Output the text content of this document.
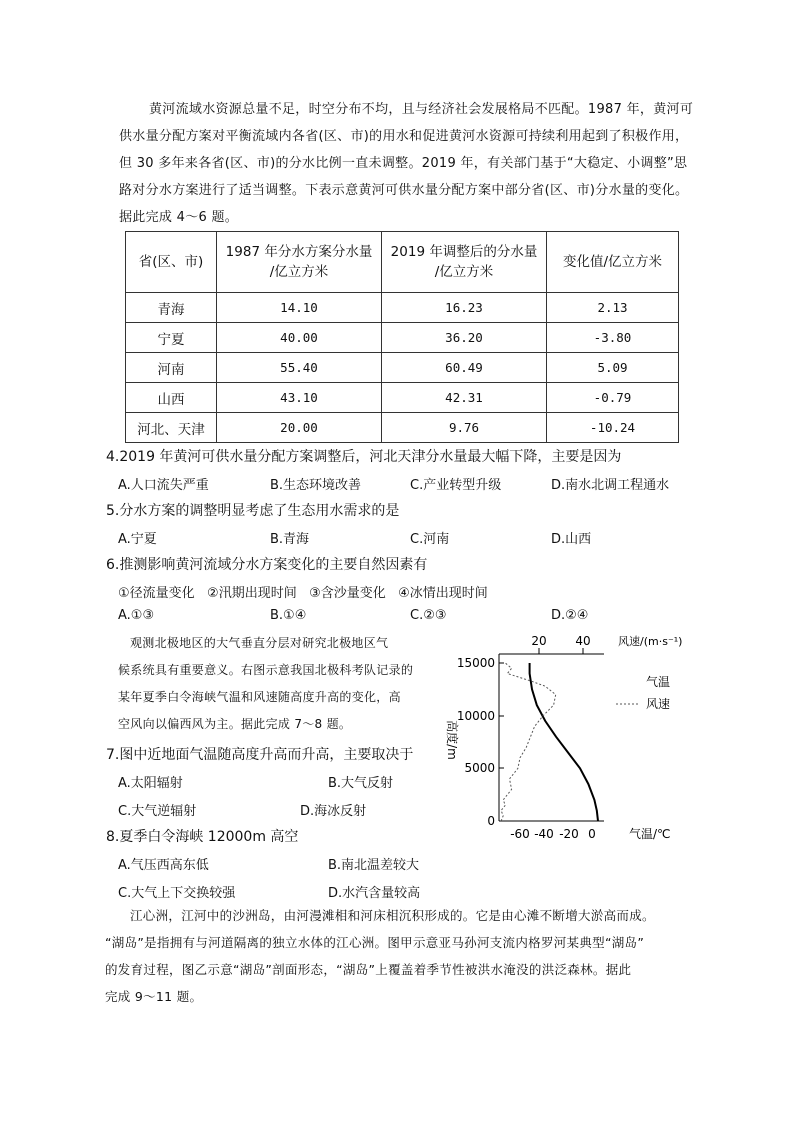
黄河流域水资源总量不足，时空分布不均，且与经济社会发展格局不匹配。1987 年，黄河可
供水量分配方案对平衡流域内各省(区、市)的用水和促进黄河水资源可持续利用起到了积极作用，
但 30 多年来各省(区、市)的分水比例一直未调整。2019 年，有关部门基于“大稳定、小调整”思
路对分水方案进行了适当调整。下表示意黄河可供水量分配方案中部分省(区、市)分水量的变化。
据此完成 4～6 题。
省(区、市)	1987 年分水方案分水量
/亿立方米	2019 年调整后的分水量
/亿立方米	变化值/亿立方米
青海	14.10	16.23	2.13
宁夏	40.00	36.20	-3.80
河南	55.40	60.49	5.09
山西	43.10	42.31	-0.79
河北、天津	20.00	9.76	-10.24
4.2019 年黄河可供水量分配方案调整后，河北天津分水量最大幅下降，主要是因为
A.人口流失严重	B.生态环境改善	C.产业转型升级	D.南水北调工程通水
5.分水方案的调整明显考虑了生态用水需求的是
A.宁夏	B.青海	C.河南	D.山西
6.推测影响黄河流域分水方案变化的主要自然因素有
①径流量变化   ②汛期出现时间   ③含沙量变化   ④冰情出现时间
A.①③	B.①④	C.②③	D.②④
观测北极地区的大气垂直分层对研究北极地区气
候系统具有重要意义。右图示意我国北极科考队记录的
某年夏季白令海峡气温和风速随高度升高的变化，高
空风向以偏西风为主。据此完成 7～8 题。
7.图中近地面气温随高度升高而升高，主要取决于
A.太阳辐射	B.大气反射
C.大气逆辐射	D.海冰反射
8.夏季白令海峡 12000m 高空
A.气压西高东低	B.南北温差较大
C.大气上下交换较强	D.水汽含量较高
江心洲，江河中的沙洲岛，由河漫滩相和河床相沉积形成的。它是由心滩不断增大淤高而成。
“湖岛”是指拥有与河道隔离的独立水体的江心洲。图甲示意亚马孙河支流内格罗河某典型“湖岛”
的发育过程，图乙示意“湖岛”剖面形态，“湖岛”上覆盖着季节性被洪水淹没的洪泛森林。据此
完成 9～11 题。
20 40 风速/(m·s⁻¹)
15000
10000
5000
0
高度/m
-60 -40 -20 0	气温/℃
气温
风速
